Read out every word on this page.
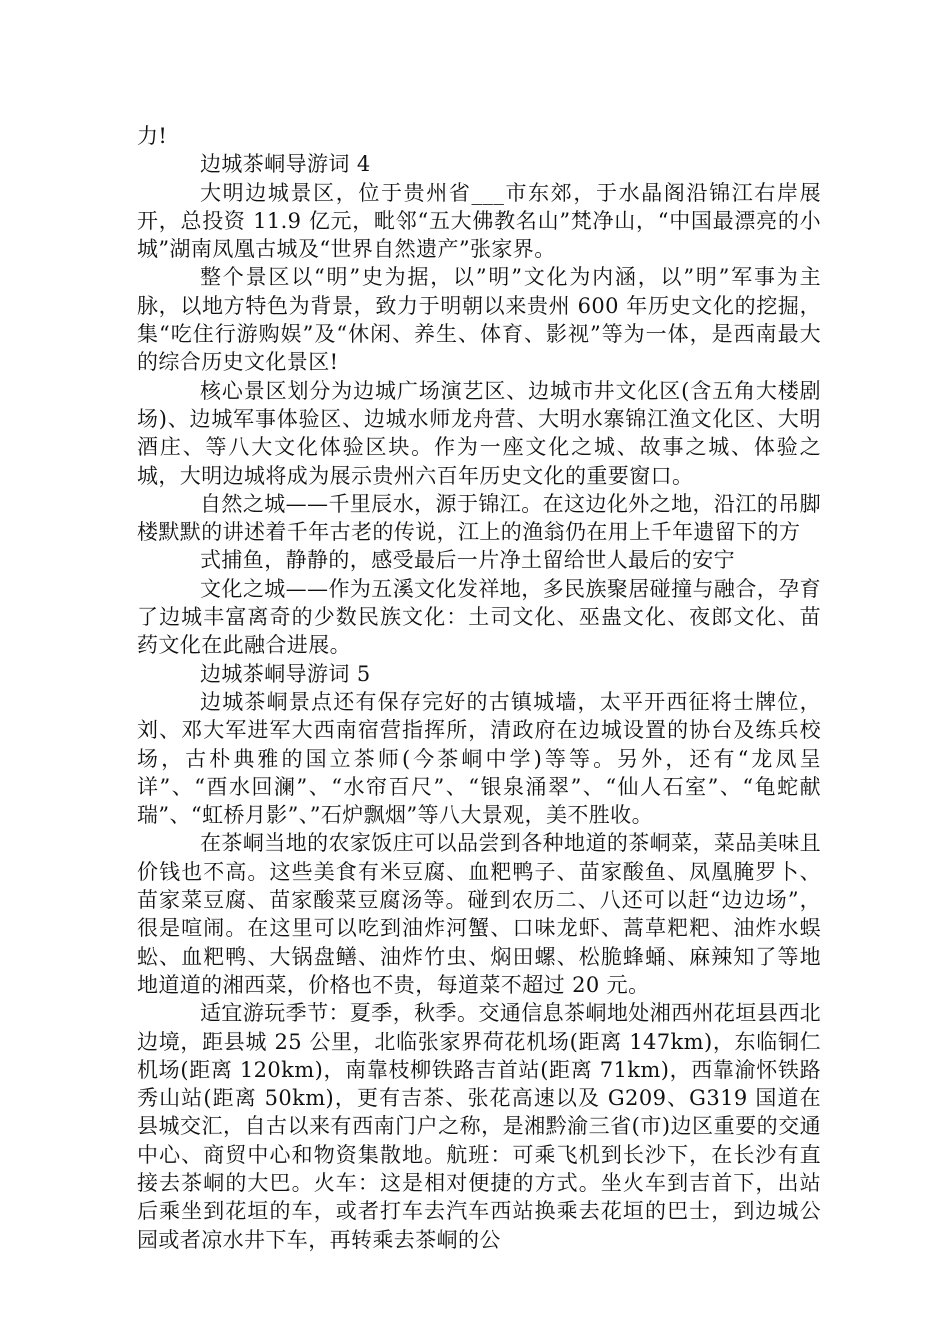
力!

边城茶峒导游词 4

大明边城景区，位于贵州省___市东郊，于水晶阁沿锦江右岸展开，总投资 11.9 亿元，毗邻“五大佛教名山”梵净山，“中国最漂亮的小城”湖南凤凰古城及“世界自然遗产”张家界。

整个景区以“明”史为据，以”明”文化为内涵，以”明”军事为主脉，以地方特色为背景，致力于明朝以来贵州 600 年历史文化的挖掘，集“吃住行游购娱”及“休闲、养生、体育、影视”等为一体，是西南最大的综合历史文化景区!

核心景区划分为边城广场演艺区、边城市井文化区(含五角大楼剧场)、边城军事体验区、边城水师龙舟营、大明水寨锦江渔文化区、大明酒庄、等八大文化体验区块。作为一座文化之城、故事之城、体验之城，大明边城将成为展示贵州六百年历史文化的重要窗口。

自然之城——千里辰水，源于锦江。在这边化外之地，沿江的吊脚楼默默的讲述着千年古老的传说，江上的渔翁仍在用上千年遗留下的方

式捕鱼，静静的，感受最后一片净土留给世人最后的安宁

文化之城——作为五溪文化发祥地，多民族聚居碰撞与融合，孕育了边城丰富离奇的少数民族文化：土司文化、巫蛊文化、夜郎文化、苗药文化在此融合进展。

边城茶峒导游词 5

边城茶峒景点还有保存完好的古镇城墙，太平开西征将士牌位，刘、邓大军进军大西南宿营指挥所，清政府在边城设置的协台及练兵校场，古朴典雅的国立茶师(今茶峒中学)等等。另外，还有“龙凤呈详”、“酉水回澜”、“水帘百尺”、“银泉涌翠”、“仙人石室”、“龟蛇献瑞”、“虹桥月影”、”石炉飘烟”等八大景观，美不胜收。

在茶峒当地的农家饭庄可以品尝到各种地道的茶峒菜，菜品美味且价钱也不高。这些美食有米豆腐、血粑鸭子、苗家酸鱼、凤凰腌罗卜、苗家菜豆腐、苗家酸菜豆腐汤等。碰到农历二、八还可以赶“边边场”，很是喧闹。在这里可以吃到油炸河蟹、口味龙虾、蒿草粑粑、油炸水蜈蚣、血粑鸭、大锅盘鳝、油炸竹虫、焖田螺、松脆蜂蛹、麻辣知了等地地道道的湘西菜，价格也不贵，每道菜不超过 20 元。

适宜游玩季节：夏季，秋季。交通信息茶峒地处湘西州花垣县西北边境，距县城 25 公里，北临张家界荷花机场(距离 147km)，东临铜仁机场(距离 120km)，南靠枝柳铁路吉首站(距离 71km)，西靠渝怀铁路秀山站(距离 50km)，更有吉茶、张花高速以及 G209、G319 国道在县城交汇，自古以来有西南门户之称，是湘黔渝三省(市)边区重要的交通中心、商贸中心和物资集散地。航班：可乘飞机到长沙下，在长沙有直接去茶峒的大巴。火车：这是相对便捷的方式。坐火车到吉首下，出站后乘坐到花垣的车，或者打车去汽车西站换乘去花垣的巴士，到边城公园或者凉水井下车，再转乘去茶峒的公
